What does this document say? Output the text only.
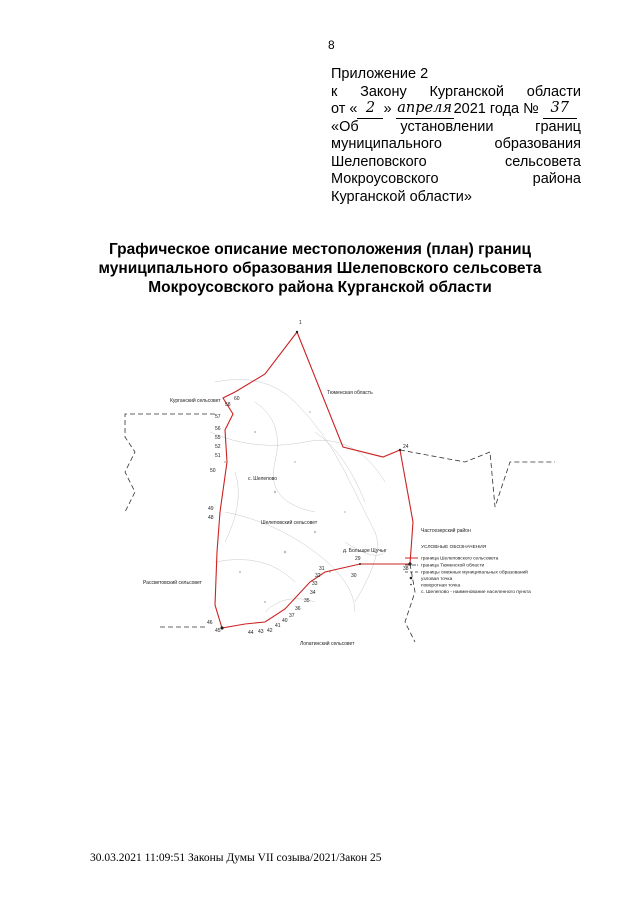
8
Приложение 2
к Закону Курганской области
от « 2 »
апреля 2021 года №
37
«Об	установлении	границ
муниципального	образования
Шелеповского	сельсовета
Мокроусовского	района
Курганской области»
Графическое описание местоположения (план) границ
муниципального образования Шелеповского сельсовета
Мокроусовского района Курганской области
1
24
38
60
58
57
56
55
52
51
50
49
48
46
45	44 43 42
41
40
37
36
35
34
33
32
31
30
29
Тюменская область
Курганский сельсовет
с. Шелепово
Шелеповский сельсовет
Частоозерский район
д. Большое Щучье
Рассветовский сельсовет
Лопатинский сельсовет
УСЛОВНЫЕ ОБОЗНАЧЕНИЯ
граница Шелеповского сельсовета
граница Тюменской области
границы смежных муниципальных образований
узловая точка
поворотная точка
с. Шелепово - наименование населенного пункта
30.03.2021 11:09:51 Законы Думы VII созыва/2021/Закон 25
